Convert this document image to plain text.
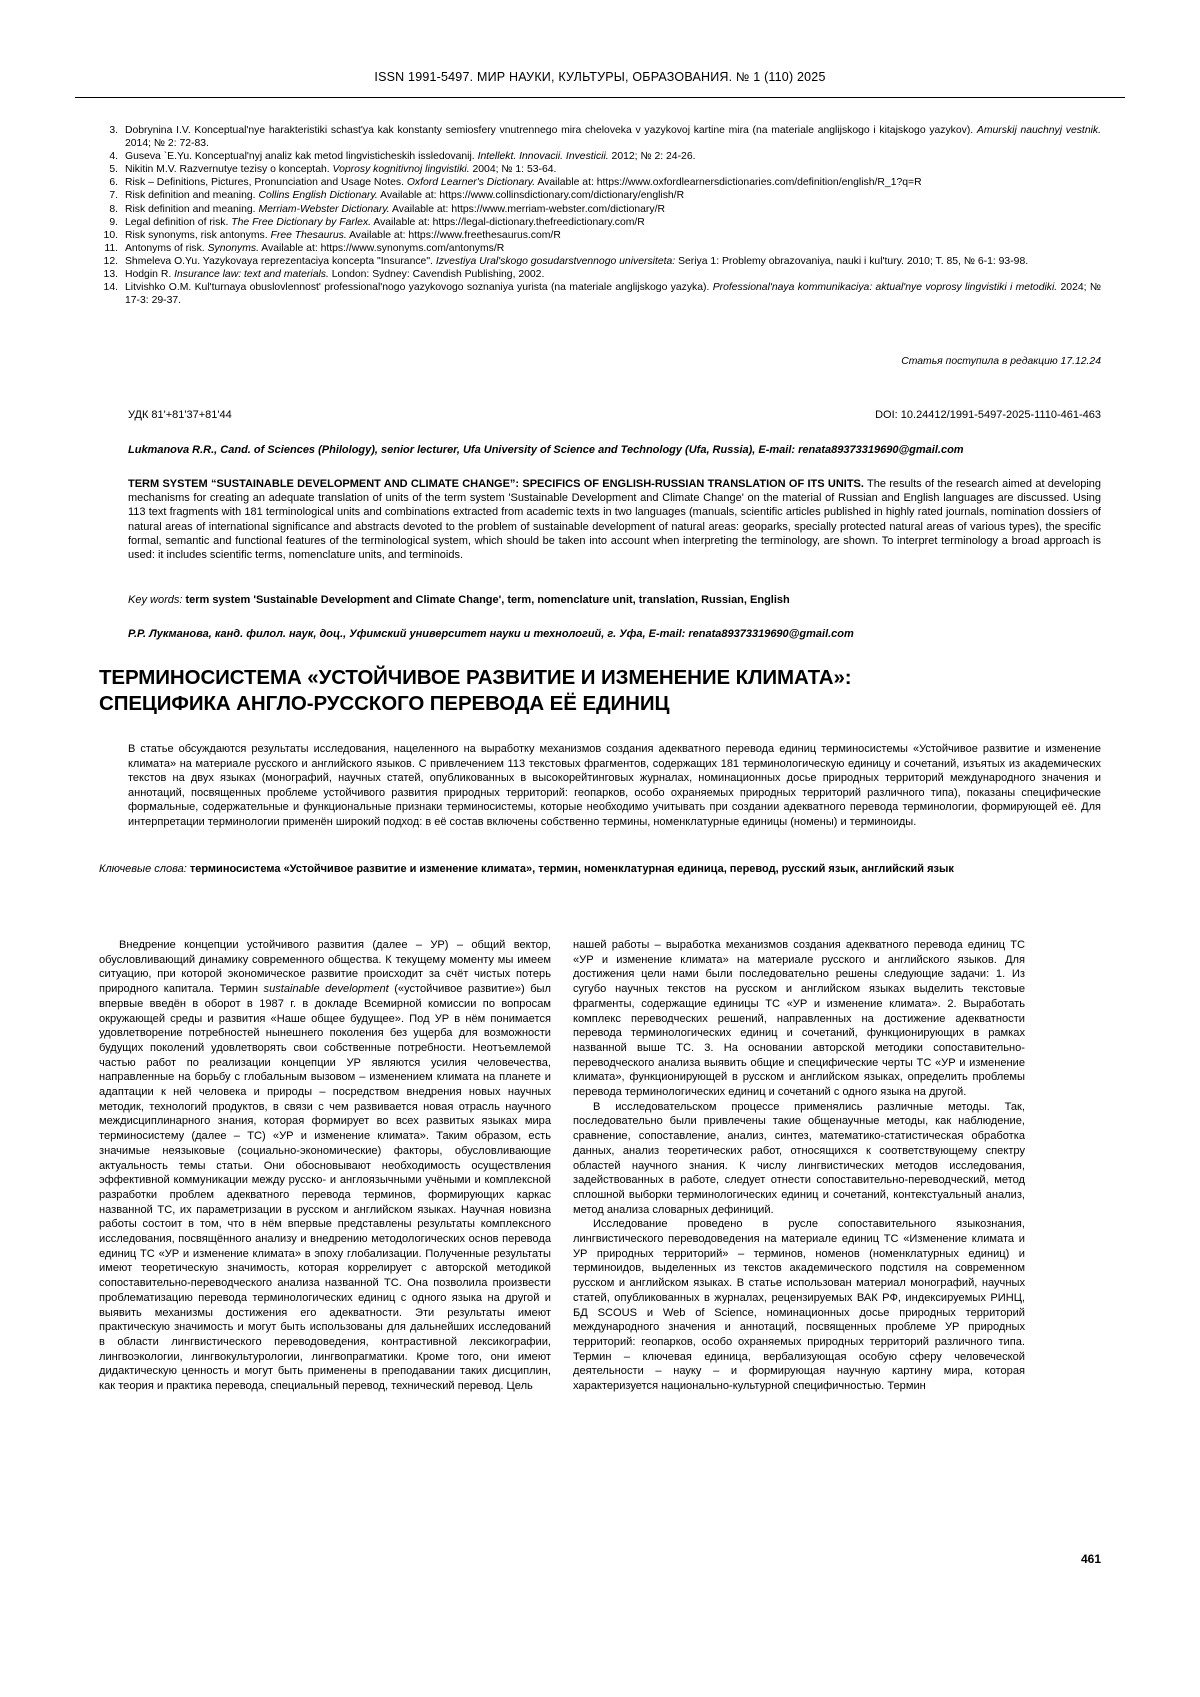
ISSN 1991-5497. МИР НАУКИ, КУЛЬТУРЫ, ОБРАЗОВАНИЯ. № 1 (110) 2025
3. Dobrynina I.V. Konceptual'nye harakteristiki schast'ya kak konstanty semiosfery vnutrennego mira cheloveka v yazykovoj kartine mira (na materiale anglijskogo i kitajskogo yazykov). Amurskij nauchnyj vestnik. 2014; № 2: 72-83.
4. Guseva `E.Yu. Konceptual'nyj analiz kak metod lingvisticheskih issledovanij. Intellekt. Innovacii. Investicii. 2012; № 2: 24-26.
5. Nikitin M.V. Razvernutye tezisy o konceptah. Voprosy kognitivnoj lingvistiki. 2004; № 1: 53-64.
6. Risk – Definitions, Pictures, Pronunciation and Usage Notes. Oxford Learner's Dictionary. Available at: https://www.oxfordlearnersdictionaries.com/definition/english/R_1?q=R
7. Risk definition and meaning. Collins English Dictionary. Available at: https://www.collinsdictionary.com/dictionary/english/R
8. Risk definition and meaning. Merriam-Webster Dictionary. Available at: https://www.merriam-webster.com/dictionary/R
9. Legal definition of risk. The Free Dictionary by Farlex. Available at: https://legal-dictionary.thefreedictionary.com/R
10. Risk synonyms, risk antonyms. Free Thesaurus. Available at: https://www.freethesaurus.com/R
11. Antonyms of risk. Synonyms. Available at: https://www.synonyms.com/antonyms/R
12. Shmeleva O.Yu. Yazykovaya reprezentaciya koncepta "Insurance". Izvestiya Ural'skogo gosudarstvennogo universiteta: Seriya 1: Problemy obrazovaniya, nauki i kul'tury. 2010; T. 85, № 6-1: 93-98.
13. Hodgin R. Insurance law: text and materials. London: Sydney: Cavendish Publishing, 2002.
14. Litvishko O.M. Kul'turnaya obuslovlennost' professional'nogo yazykovogo soznaniya yurista (na materiale anglijskogo yazyka). Professional'naya kommunikaciya: aktual'nye voprosy lingvistiki i metodiki. 2024; № 17-3: 29-37.
Статья поступила в редакцию 17.12.24
УДК 81'+81'37+81'44	DOI: 10.24412/1991-5497-2025-1110-461-463
Lukmanova R.R., Cand. of Sciences (Philology), senior lecturer, Ufa University of Science and Technology (Ufa, Russia), E-mail: renata89373319690@gmail.com
TERM SYSTEM “SUSTAINABLE DEVELOPMENT AND CLIMATE CHANGE”: SPECIFICS OF ENGLISH-RUSSIAN TRANSLATION OF ITS UNITS. The results of the research aimed at developing mechanisms for creating an adequate translation of units of the term system 'Sustainable Development and Climate Change' on the material of Russian and English languages are discussed. Using 113 text fragments with 181 terminological units and combinations extracted from academic texts in two languages (manuals, scientific articles published in highly rated journals, nomination dossiers of natural areas of international significance and abstracts devoted to the problem of sustainable development of natural areas: geoparks, specially protected natural areas of various types), the specific formal, semantic and functional features of the terminological system, which should be taken into account when interpreting the terminology, are shown. To interpret terminology a broad approach is used: it includes scientific terms, nomenclature units, and terminoids.
Key words: term system 'Sustainable Development and Climate Change', term, nomenclature unit, translation, Russian, English
Р.Р. Лукманова, канд. филол. наук, доц., Уфимский университет науки и технологий, г. Уфа, E-mail: renata89373319690@gmail.com
ТЕРМИНОСИСТЕМА «УСТОЙЧИВОЕ РАЗВИТИЕ И ИЗМЕНЕНИЕ КЛИМАТА»:
СПЕЦИФИКА АНГЛО-РУССКОГО ПЕРЕВОДА ЕЁ ЕДИНИЦ
В статье обсуждаются результаты исследования, нацеленного на выработку механизмов создания адекватного перевода единиц терминосистемы «Устойчивое развитие и изменение климата» на материале русского и английского языков. С привлечением 113 текстовых фрагментов, содержащих 181 терминологическую единицу и сочетаний, изъятых из академических текстов на двух языках (монографий, научных статей, опубликованных в высокорейтинговых журналах, номинационных досье природных территорий международного значения и аннотаций, посвященных проблеме устойчивого развития природных территорий: геопарков, особо охраняемых природных территорий различного типа), показаны специфические формальные, содержательные и функциональные признаки терминосистемы, которые необходимо учитывать при создании адекватного перевода терминологии, формирующей её. Для интерпретации терминологии применён широкий подход: в её состав включены собственно термины, номенклатурные единицы (номены) и терминоиды.
Ключевые слова: терминосистема «Устойчивое развитие и изменение климата», термин, номенклатурная единица, перевод, русский язык, английский язык

Внедрение концепции устойчивого развития (далее – УР) – общий вектор, обусловливающий динамику современного общества. К текущему моменту мы имеем ситуацию, при которой экономическое развитие происходит за счёт чистых потерь природного капитала. Термин sustainable development («устойчивое развитие») был впервые введён в оборот в 1987 г. в докладе Всемирной комиссии по вопросам окружающей среды и развития «Наше общее будущее». Под УР в нём понимается удовлетворение потребностей нынешнего поколения без ущерба для возможности будущих поколений удовлетворять свои собственные потребности. Неотъемлемой частью работ по реализации концепции УР являются усилия человечества, направленные на борьбу с глобальным вызовом – изменением климата на планете и адаптации к ней человека и природы – посредством внедрения новых научных методик, технологий продуктов, в связи с чем развивается новая отрасль научного междисциплинарного знания, которая формирует во всех развитых языках мира терминосистему (далее – ТС) «УР и изменение климата». Таким образом, есть значимые неязыковые (социально-экономические) факторы, обусловливающие актуальность темы статьи. Они обосновывают необходимость осуществления эффективной коммуникации между русско- и англоязычными учёными и комплексной разработки проблем адекватного перевода терминов, формирующих каркас названной ТС, их параметризации в русском и английском языках. Научная новизна работы состоит в том, что в нём впервые представлены результаты комплексного исследования, посвящённого анализу и внедрению методологических основ перевода единиц ТС «УР и изменение климата» в эпоху глобализации. Полученные результаты имеют теоретическую значимость, которая коррелирует с авторской методикой сопоставительно-переводческого анализа названной ТС. Она позволила произвести проблематизацию перевода терминологических единиц с одного языка на другой и выявить механизмы достижения его адекватности. Эти результаты имеют практическую значимость и могут быть использованы для дальнейших исследований в области лингвистического переводоведения, контрастивной лексикографии, лингвоэкологии, лингвокультурологии, лингвопрагматики. Кроме того, они имеют дидактическую ценность и могут быть применены в преподавании таких дисциплин, как теория и практика перевода, специальный перевод, технический перевод. Цель

нашей работы – выработка механизмов создания адекватного перевода единиц ТС «УР и изменение климата» на материале русского и английского языков. Для достижения цели нами были последовательно решены следующие задачи: 1. Из сугубо научных текстов на русском и английском языках выделить текстовые фрагменты, содержащие единицы ТС «УР и изменение климата». 2. Выработать комплекс переводческих решений, направленных на достижение адекватности перевода терминологических единиц и сочетаний, функционирующих в рамках названной выше ТС. 3. На основании авторской методики сопоставительно-переводческого анализа выявить общие и специфические черты ТС «УР и изменение климата», функционирующей в русском и английском языках, определить проблемы перевода терминологических единиц и сочетаний с одного языка на другой.

В исследовательском процессе применялись различные методы. Так, последовательно были привлечены такие общенаучные методы, как наблюдение, сравнение, сопоставление, анализ, синтез, математико-статистическая обработка данных, анализ теоретических работ, относящихся к соответствующему спектру областей научного знания. К числу лингвистических методов исследования, задействованных в работе, следует отнести сопоставительно-переводческий, метод сплошной выборки терминологических единиц и сочетаний, контекстуальный анализ, метод анализа словарных дефиниций.

Исследование проведено в русле сопоставительного языкознания, лингвистического переводоведения на материале единиц ТС «Изменение климата и УР природных территорий» – терминов, номенов (номенклатурных единиц) и терминоидов, выделенных из текстов академического подстиля на современном русском и английском языках. В статье использован материал монографий, научных статей, опубликованных в журналах, рецензируемых ВАК РФ, индексируемых РИНЦ, БД SCOUS и Web of Science, номинационных досье природных территорий международного значения и аннотаций, посвященных проблеме УР природных территорий: геопарков, особо охраняемых природных территорий различного типа. Термин – ключевая единица, вербализующая особую сферу человеческой деятельности – науку – и формирующая научную картину мира, которая характеризуется национально-культурной специфичностью. Термин

461
